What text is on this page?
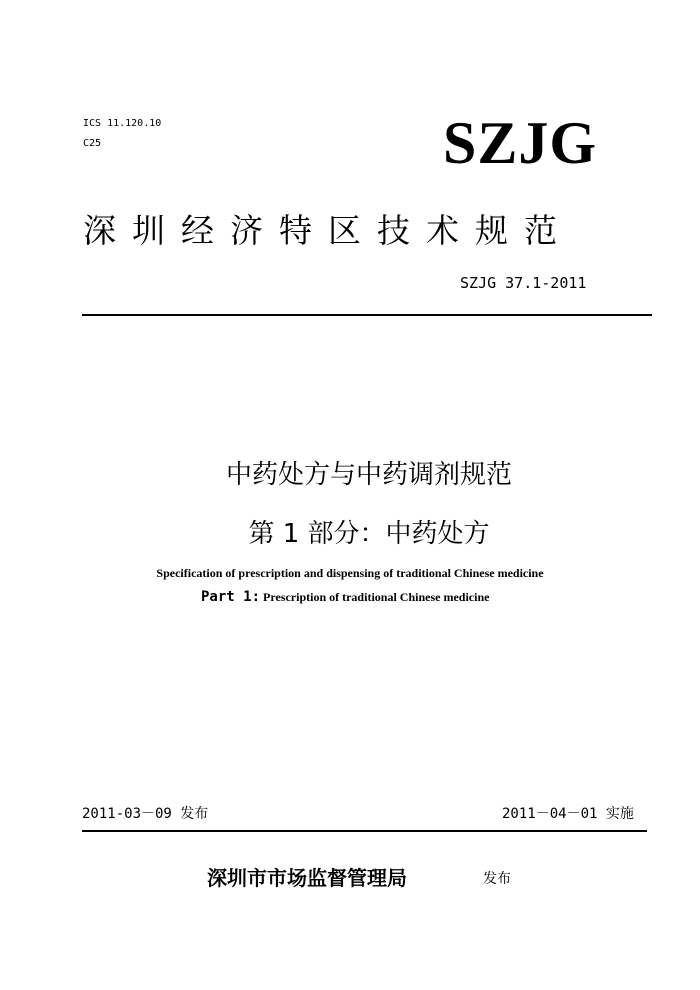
ICS 11.120.10
C25	SZJG
深圳经济特区技术规范
SZJG 37.1-2011
中药处方与中药调剂规范
第 1 部分：中药处方
Specification of prescription and dispensing of traditional Chinese medicine
Part 1: Prescription of traditional Chinese medicine
2011-03－09 发布	2011－04－01 实施
深圳市市场监督管理局	发布
